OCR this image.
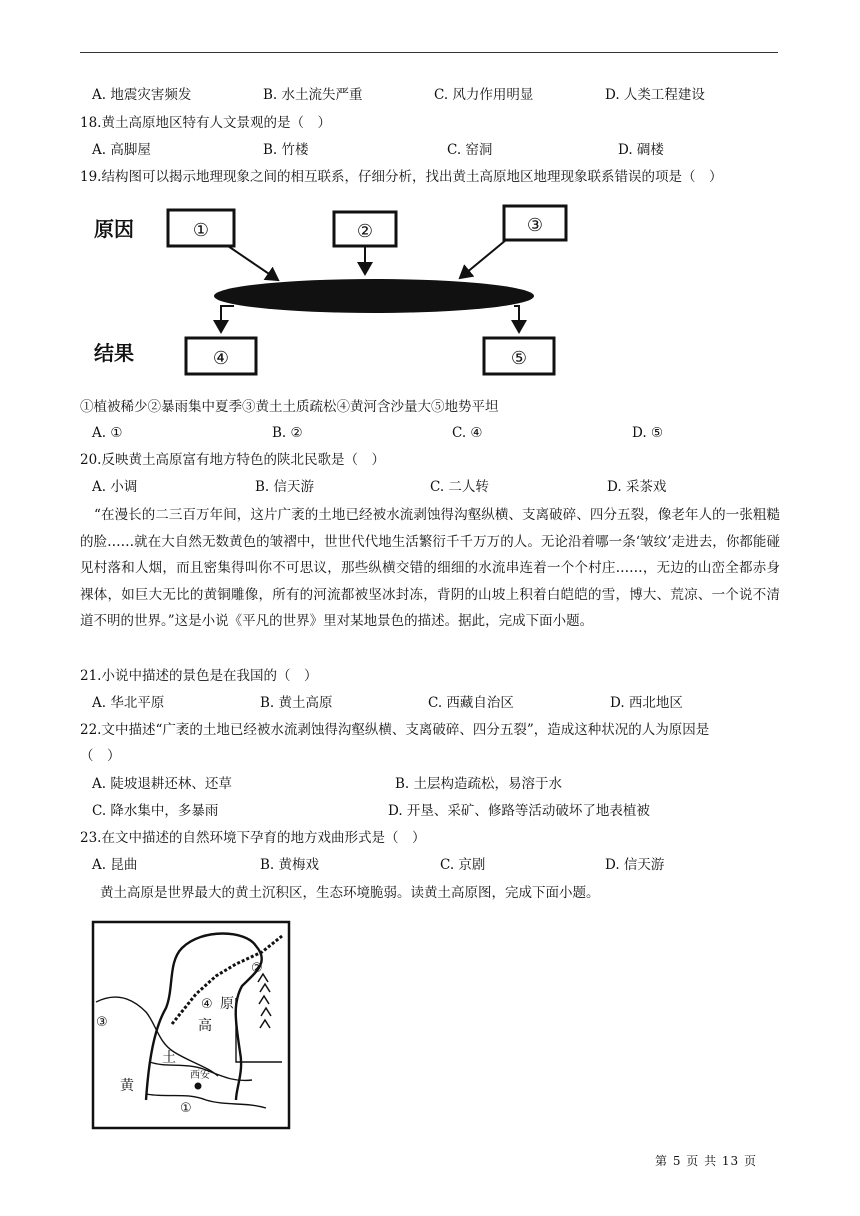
A. 地震灾害频发	B. 水土流失严重	C. 风力作用明显	D. 人类工程建设
18.黄土高原地区特有人文景观的是（　）
A. 高脚屋	B. 竹楼	C. 窑洞	D. 碉楼
19.结构图可以揭示地理现象之间的相互联系，仔细分析，找出黄土高原地区地理现象联系错误的项是（　）
原因
结果
①	②	③
④	⑤
①植被稀少②暴雨集中夏季③黄土土质疏松④黄河含沙量大⑤地势平坦
A. ①	B. ②	C. ④	D. ⑤
20.反映黄土高原富有地方特色的陕北民歌是（　）
A. 小调	B. 信天游	C. 二人转	D. 采茶戏
“在漫长的二三百万年间，这片广袤的土地已经被水流剥蚀得沟壑纵横、支离破碎、四分五裂，像老年人的一张粗糙的脸……就在大自然无数黄色的皱褶中，世世代代地生活繁衍千千万万的人。无论沿着哪一条‘皱纹’走进去，你都能碰见村落和人烟，而且密集得叫你不可思议，那些纵横交错的细细的水流串连着一个个村庄……，无边的山峦全都赤身裸体，如巨大无比的黄铜雕像，所有的河流都被坚冰封冻，背阴的山坡上积着白皑皑的雪，博大、荒凉、一个说不清道不明的世界。”这是小说《平凡的世界》里对某地景色的描述。据此，完成下面小题。
21.小说中描述的景色是在我国的（　）
A. 华北平原	B. 黄土高原	C. 西藏自治区	D. 西北地区
22.文中描述“广袤的土地已经被水流剥蚀得沟壑纵横、支离破碎、四分五裂”，造成这种状况的人为原因是
（　）
A. 陡坡退耕还林、还草	B. 土层构造疏松，易溶于水
C. 降水集中，多暴雨	D. 开垦、采矿、修路等活动破坏了地表植被
23.在文中描述的自然环境下孕育的地方戏曲形式是（　）
A. 昆曲	B. 黄梅戏	C. 京剧	D. 信天游
黄土高原是世界最大的黄土沉积区，生态环境脆弱。读黄土高原图，完成下面小题。
②
③
④ 原
高
土
黄
西安
①
第 5 页 共 13 页
